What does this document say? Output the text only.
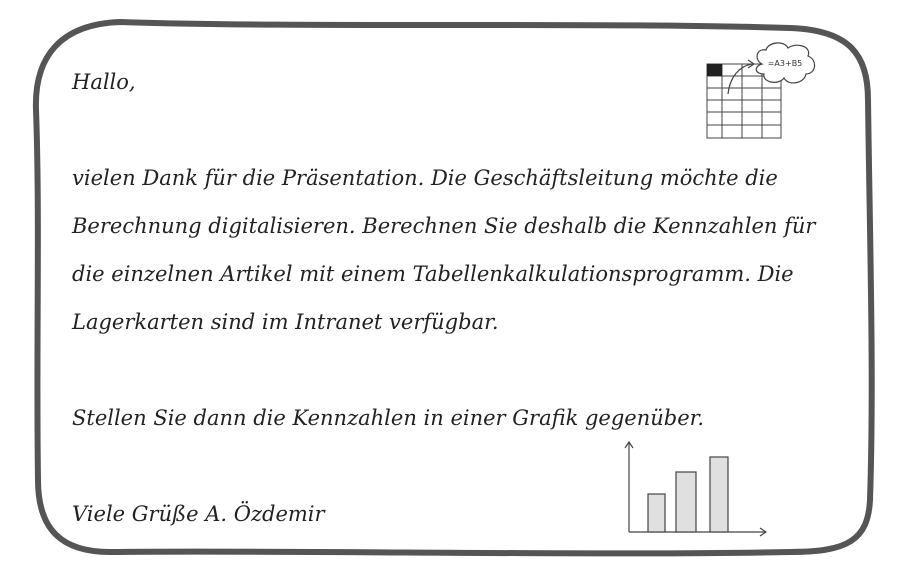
Hallo,

vielen Dank für die Präsentation. Die Geschäftsleitung möchte die

Berechnung digitalisieren. Berechnen Sie deshalb die Kennzahlen für

die einzelnen Artikel mit einem Tabellenkalkulationsprogramm. Die

Lagerkarten sind im Intranet verfügbar.

Stellen Sie dann die Kennzahlen in einer Grafik gegenüber.

Viele Grüße A. Özdemir

=A3+B5
